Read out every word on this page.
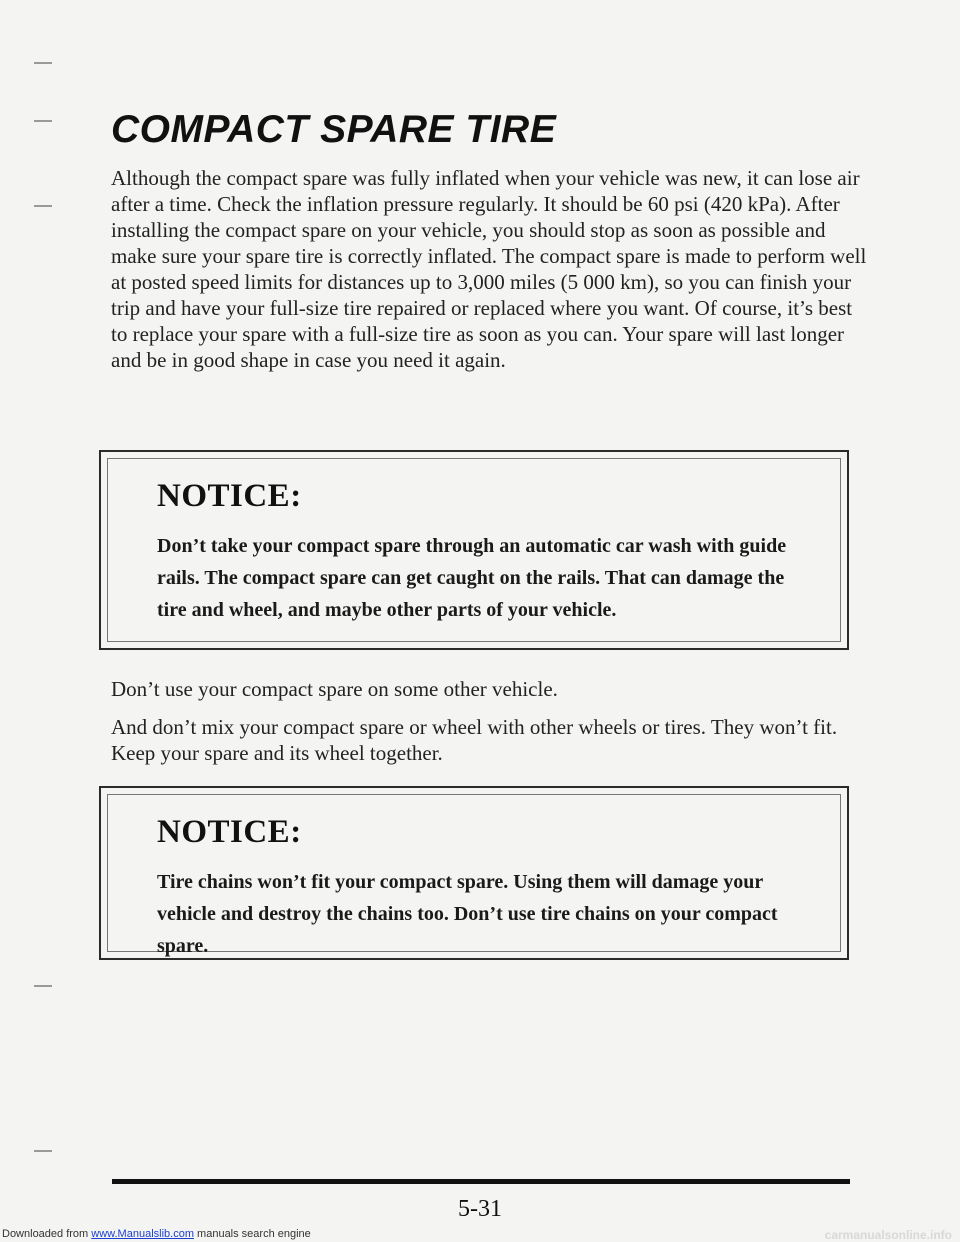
COMPACT SPARE TIRE

Although the compact spare was fully inflated when your vehicle was new, it can lose air after a time. Check the inflation pressure regularly. It should be 60 psi (420 kPa). After installing the compact spare on your vehicle, you should stop as soon as possible and make sure your spare tire is correctly inflated. The compact spare is made to perform well at posted speed limits for distances up to 3,000 miles (5 000 km), so you can finish your trip and have your full-size tire repaired or replaced where you want. Of course, it’s best to replace your spare with a full-size tire as soon as you can. Your spare will last longer and be in good shape in case you need it again.

NOTICE:

Don’t take your compact spare through an automatic car wash with guide rails. The compact spare can get caught on the rails. That can damage the tire and wheel, and maybe other parts of your vehicle.

Don’t use your compact spare on some other vehicle.

And don’t mix your compact spare or wheel with other wheels or tires. They won’t fit. Keep your spare and its wheel together.

NOTICE:

Tire chains won’t fit your compact spare. Using them will damage your vehicle and destroy the chains too. Don’t use tire chains on your compact spare.

5-31
Downloaded from www.Manualslib.com manuals search engine	carmanualsonline.info
